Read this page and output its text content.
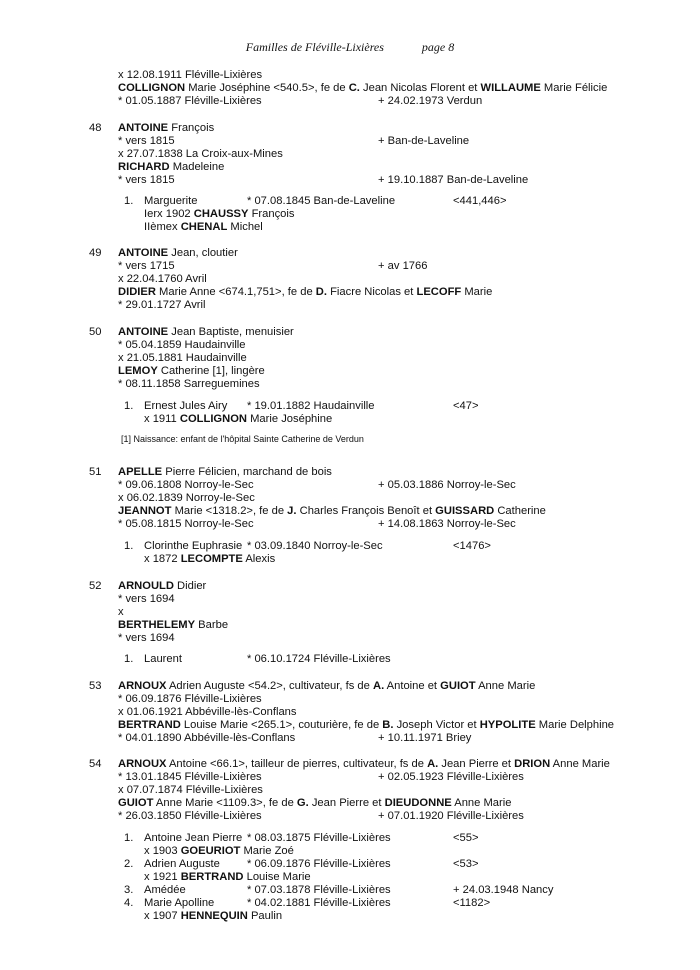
Familles de Fléville-Lixières	page 8
x 12.08.1911 Fléville-Lixières
COLLIGNON Marie Joséphine <540.5>, fe de C. Jean Nicolas Florent et WILLAUME Marie Félicie
* 01.05.1887 Fléville-Lixières	+ 24.02.1973 Verdun
48 ANTOINE François
* vers 1815	+ Ban-de-Laveline
x 27.07.1838 La Croix-aux-Mines
RICHARD Madeleine
* vers 1815	+ 19.10.1887 Ban-de-Laveline
1. Marguerite	* 07.08.1845 Ban-de-Laveline	<441,446>
Ierx 1902 CHAUSSY François
IIèmex CHENAL Michel
49 ANTOINE Jean, cloutier
* vers 1715	+ av 1766
x 22.04.1760 Avril
DIDIER Marie Anne <674.1,751>, fe de D. Fiacre Nicolas et LECOFF Marie
* 29.01.1727 Avril
50 ANTOINE Jean Baptiste, menuisier
* 05.04.1859 Haudainville
x 21.05.1881 Haudainville
LEMOY Catherine [1], lingère
* 08.11.1858 Sarreguemines
1. Ernest Jules Airy * 19.01.1882 Haudainville	<47>
x 1911 COLLIGNON Marie Joséphine
[1] Naissance: enfant de l'hôpital Sainte Catherine de Verdun
51 APELLE Pierre Félicien, marchand de bois
* 09.06.1808 Norroy-le-Sec	+ 05.03.1886 Norroy-le-Sec
x 06.02.1839 Norroy-le-Sec
JEANNOT Marie <1318.2>, fe de J. Charles François Benoît et GUISSARD Catherine
* 05.08.1815 Norroy-le-Sec	+ 14.08.1863 Norroy-le-Sec
1. Clorinthe Euphrasie * 03.09.1840 Norroy-le-Sec	<1476>
x 1872 LECOMPTE Alexis
52 ARNOULD Didier
* vers 1694
x
BERTHELEMY Barbe
* vers 1694
1. Laurent	* 06.10.1724 Fléville-Lixières
53 ARNOUX Adrien Auguste <54.2>, cultivateur, fs de A. Antoine et GUIOT Anne Marie
* 06.09.1876 Fléville-Lixières
x 01.06.1921 Abbéville-lès-Conflans
BERTRAND Louise Marie <265.1>, couturière, fe de B. Joseph Victor et HYPOLITE Marie Delphine
* 04.01.1890 Abbéville-lès-Conflans	+ 10.11.1971 Briey
54 ARNOUX Antoine <66.1>, tailleur de pierres, cultivateur, fs de A. Jean Pierre et DRION Anne Marie
* 13.01.1845 Fléville-Lixières	+ 02.05.1923 Fléville-Lixières
x 07.07.1874 Fléville-Lixières
GUIOT Anne Marie <1109.3>, fe de G. Jean Pierre et DIEUDONNE Anne Marie
* 26.03.1850 Fléville-Lixières	+ 07.01.1920 Fléville-Lixières
1. Antoine Jean Pierre * 08.03.1875 Fléville-Lixières	<55>
x 1903 GOEURIOT Marie Zoé
2. Adrien Auguste * 06.09.1876 Fléville-Lixières	<53>
x 1921 BERTRAND Louise Marie
3. Amédée	* 07.03.1878 Fléville-Lixières	+ 24.03.1948 Nancy
4. Marie Apolline	* 04.02.1881 Fléville-Lixières	<1182>
x 1907 HENNEQUIN Paulin
